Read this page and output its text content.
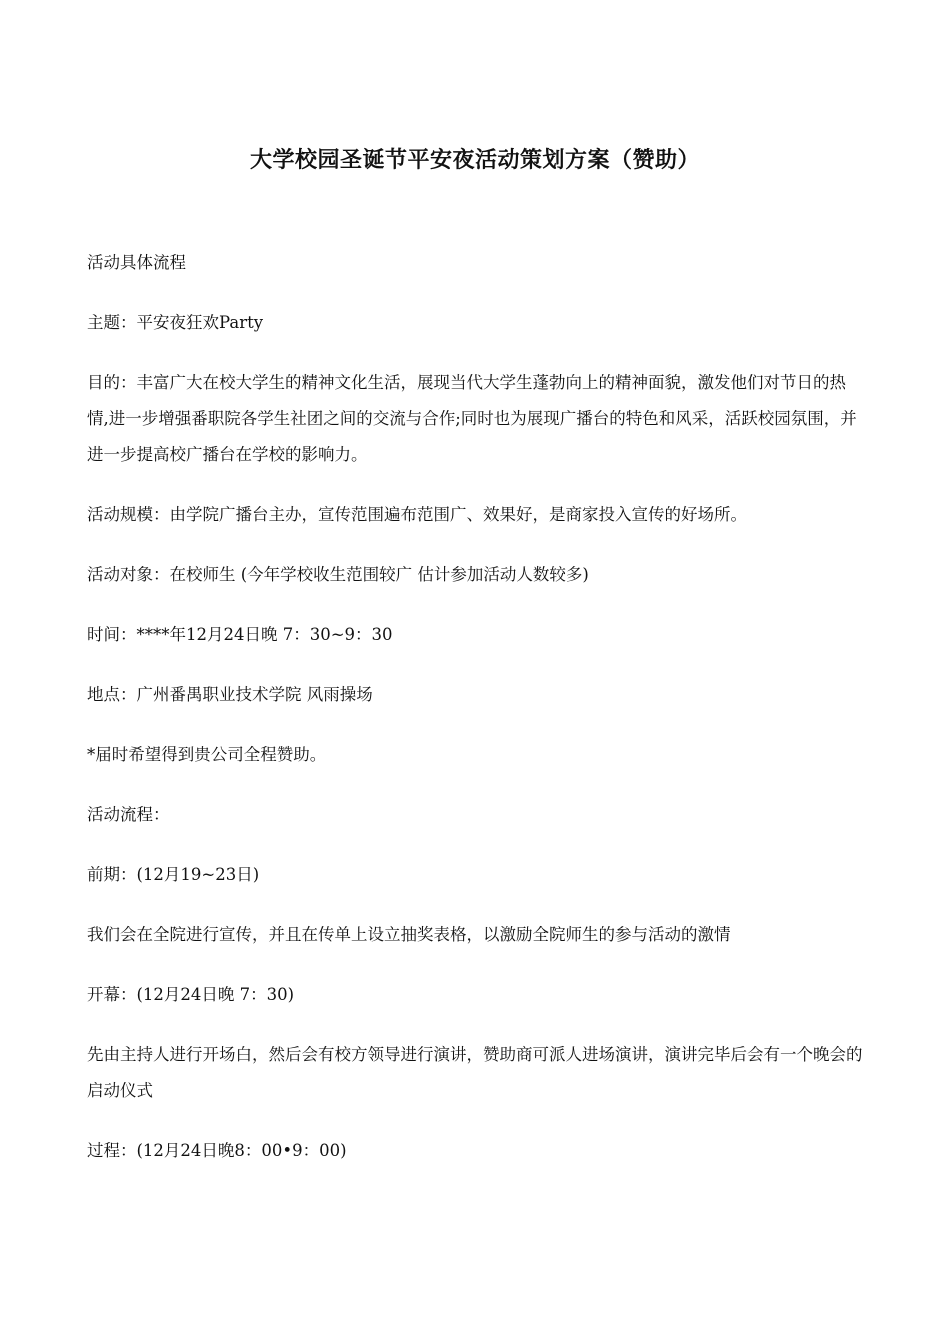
大学校园圣诞节平安夜活动策划方案（赞助）

活动具体流程

主题：平安夜狂欢Party

目的：丰富广大在校大学生的精神文化生活，展现当代大学生蓬勃向上的精神面貌，激发他们对节日的热情,进一步增强番职院各学生社团之间的交流与合作;同时也为展现广播台的特色和风采，活跃校园氛围，并进一步提高校广播台在学校的影响力。

活动规模：由学院广播台主办，宣传范围遍布范围广、效果好，是商家投入宣传的好场所。

活动对象：在校师生 (今年学校收生范围较广 估计参加活动人数较多)

时间：****年12月24日晚 7：30~9：30

地点：广州番禺职业技术学院 风雨操场

*届时希望得到贵公司全程赞助。

活动流程：

前期：(12月19~23日)

我们会在全院进行宣传，并且在传单上设立抽奖表格，以激励全院师生的参与活动的激情

开幕：(12月24日晚 7：30)

先由主持人进行开场白，然后会有校方领导进行演讲，赞助商可派人进场演讲，演讲完毕后会有一个晚会的启动仪式

过程：(12月24日晚8：00•9：00)
